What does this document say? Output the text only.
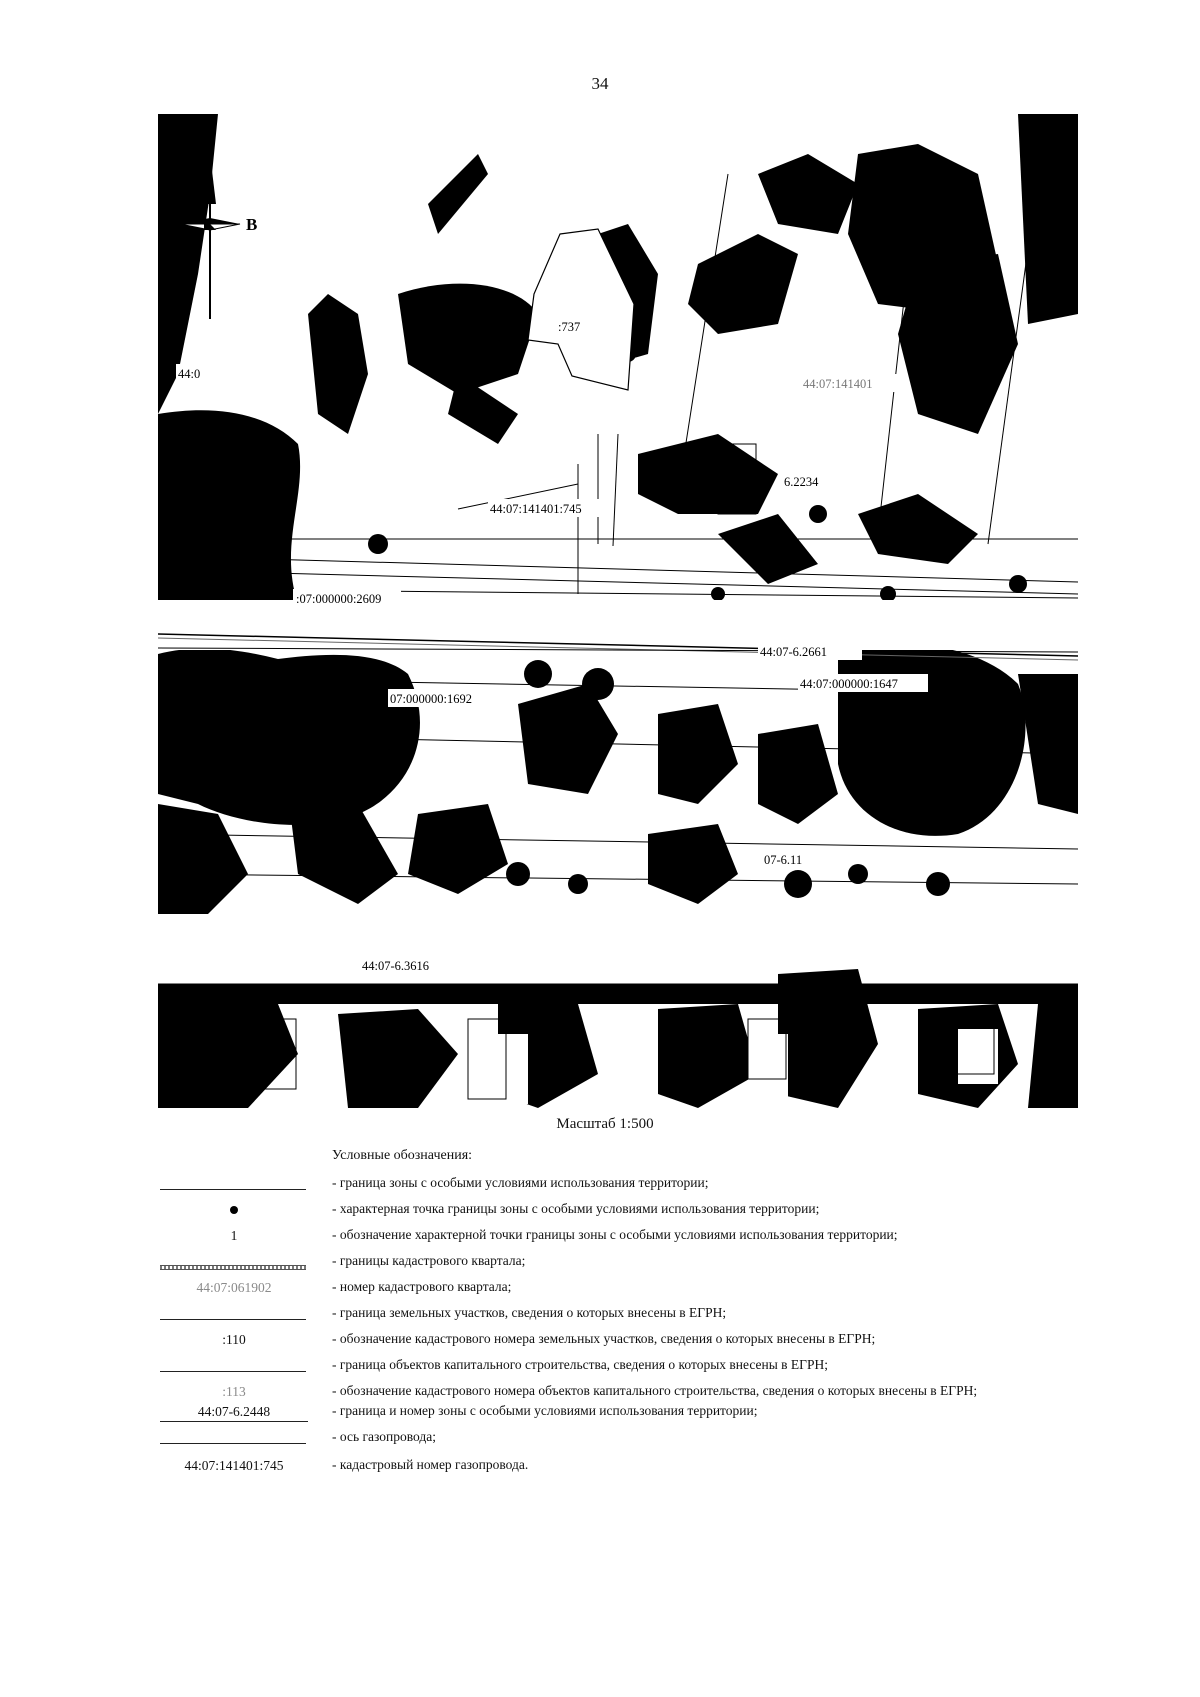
34
З	В
:737
44:07:141401
6.2234
44:07:141401:745
:07:000000:2609
44:07-6.2661
44:07:000000:1647
07:000000:1692
07-6.11
44:07-6.3616
44:0
9
Масштаб 1:500
Условные обозначения:
- граница зоны с особыми условиями использования территории;
- характерная точка границы зоны с особыми условиями использования территории;
1	- обозначение характерной точки границы зоны с особыми условиями использования территории;
- границы кадастрового квартала;
44:07:061902	- номер кадастрового квартала;
- граница земельных участков, сведения о которых внесены в ЕГРН;
:110	- обозначение кадастрового номера земельных участков, сведения о которых внесены в ЕГРН;
- граница объектов капитального строительства, сведения о которых внесены в ЕГРН;
:113	- обозначение кадастрового номера объектов капитального строительства, сведения о которых внесены в ЕГРН;
44:07-6.2448	- граница и номер зоны с особыми условиями использования территории;
- ось газопровода;
44:07:141401:745	- кадастровый номер газопровода.
